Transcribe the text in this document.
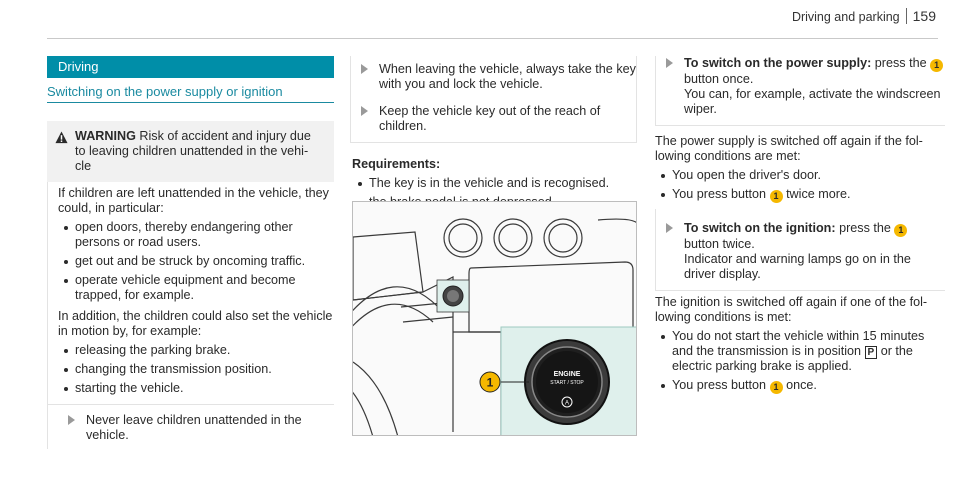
Driving and parking 159
Driving
Switching on the power supply or ignition

WARNING Risk of accident and injury due to leaving children unattended in the vehi- cle

If children are left unattended in the vehicle, they could, in particular:

open doors, thereby endangering other persons or road users.
get out and be struck by oncoming traffic.
operate vehicle equipment and become trapped, for example.

In addition, the children could also set the vehicle in motion by, for example:

releasing the parking brake.
changing the transmission position.
starting the vehicle.
Never leave children unattended in the vehicle.
When leaving the vehicle, always take the key with you and lock the vehicle.
Keep the vehicle key out of the reach of children.

Requirements:

The key is in the vehicle and is recognised.
ENGINE
START / STOP
A
1
To switch on the power supply: press the 1 button once.
You can, for example, activate the windscreen wiper.

The power supply is switched off again if the fol- lowing conditions are met:

You open the driver's door.
You press button 1 twice more.
To switch on the ignition: press the 1 button twice.
Indicator and warning lamps go on in the driver display.

The ignition is switched off again if one of the fol- lowing conditions is met:

You do not start the vehicle within 15 minutes and the transmission is in position P or the electric parking brake is applied.
You press button 1 once.
